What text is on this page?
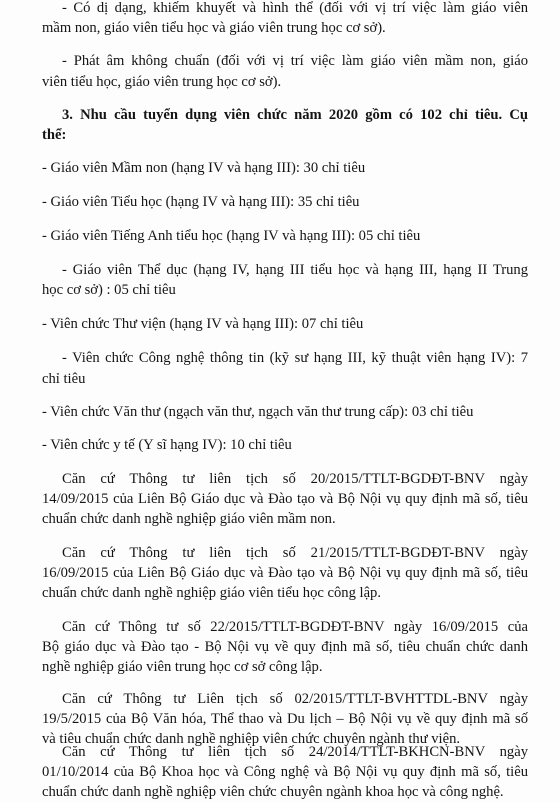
- Có dị dạng, khiếm khuyết và hình thể (đối với vị trí việc làm giáo viên
mầm non, giáo viên tiểu học và giáo viên trung học cơ sở).
- Phát âm không chuẩn (đối với vị trí việc làm giáo viên mầm non, giáo
viên tiểu học, giáo viên trung học cơ sở).
3. Nhu cầu tuyển dụng viên chức năm 2020 gồm có 102 chỉ tiêu. Cụ
thể:
- Giáo viên Mầm non (hạng IV và hạng III): 30 chỉ tiêu
- Giáo viên Tiểu học (hạng IV và hạng III): 35 chỉ tiêu
- Giáo viên Tiếng Anh tiểu học (hạng IV và hạng III): 05 chỉ tiêu
- Giáo viên Thể dục (hạng IV, hạng III tiểu học và hạng III, hạng II Trung
học cơ sở) : 05 chỉ tiêu
- Viên chức Thư viện (hạng IV và hạng III): 07 chỉ tiêu
- Viên chức Công nghệ thông tin (kỹ sư hạng III, kỹ thuật viên hạng IV): 7
chỉ tiêu
- Viên chức Văn thư (ngạch văn thư, ngạch văn thư trung cấp): 03 chỉ tiêu
- Viên chức y tế (Y sĩ hạng IV): 10 chỉ tiêu
Căn cứ Thông tư liên tịch số 20/2015/TTLT-BGDĐT-BNV ngày
14/09/2015 của Liên Bộ Giáo dục và Đào tạo và Bộ Nội vụ quy định mã số, tiêu
chuẩn chức danh nghề nghiệp giáo viên mầm non.
Căn cứ Thông tư liên tịch số 21/2015/TTLT-BGDĐT-BNV ngày
16/09/2015 của Liên Bộ Giáo dục và Đào tạo và Bộ Nội vụ quy định mã số, tiêu
chuẩn chức danh nghề nghiệp giáo viên tiểu học công lập.
Căn cứ Thông tư số 22/2015/TTLT-BGDĐT-BNV ngày 16/09/2015 của
Bộ giáo dục và Đào tạo - Bộ Nội vụ về quy định mã số, tiêu chuẩn chức danh
nghề nghiệp giáo viên trung học cơ sở công lập.
Căn cứ Thông tư Liên tịch số 02/2015/TTLT-BVHTTDL-BNV ngày
19/5/2015 của Bộ Văn hóa, Thể thao và Du lịch – Bộ Nội vụ về quy định mã số
và tiêu chuẩn chức danh nghề nghiệp viên chức chuyên ngành thư viện.
Căn cứ Thông tư liên tịch số 24/2014/TTLT-BKHCN-BNV ngày
01/10/2014 của Bộ Khoa học và Công nghệ và Bộ Nội vụ quy định mã số, tiêu
chuẩn chức danh nghề nghiệp viên chức chuyên ngành khoa học và công nghệ.
